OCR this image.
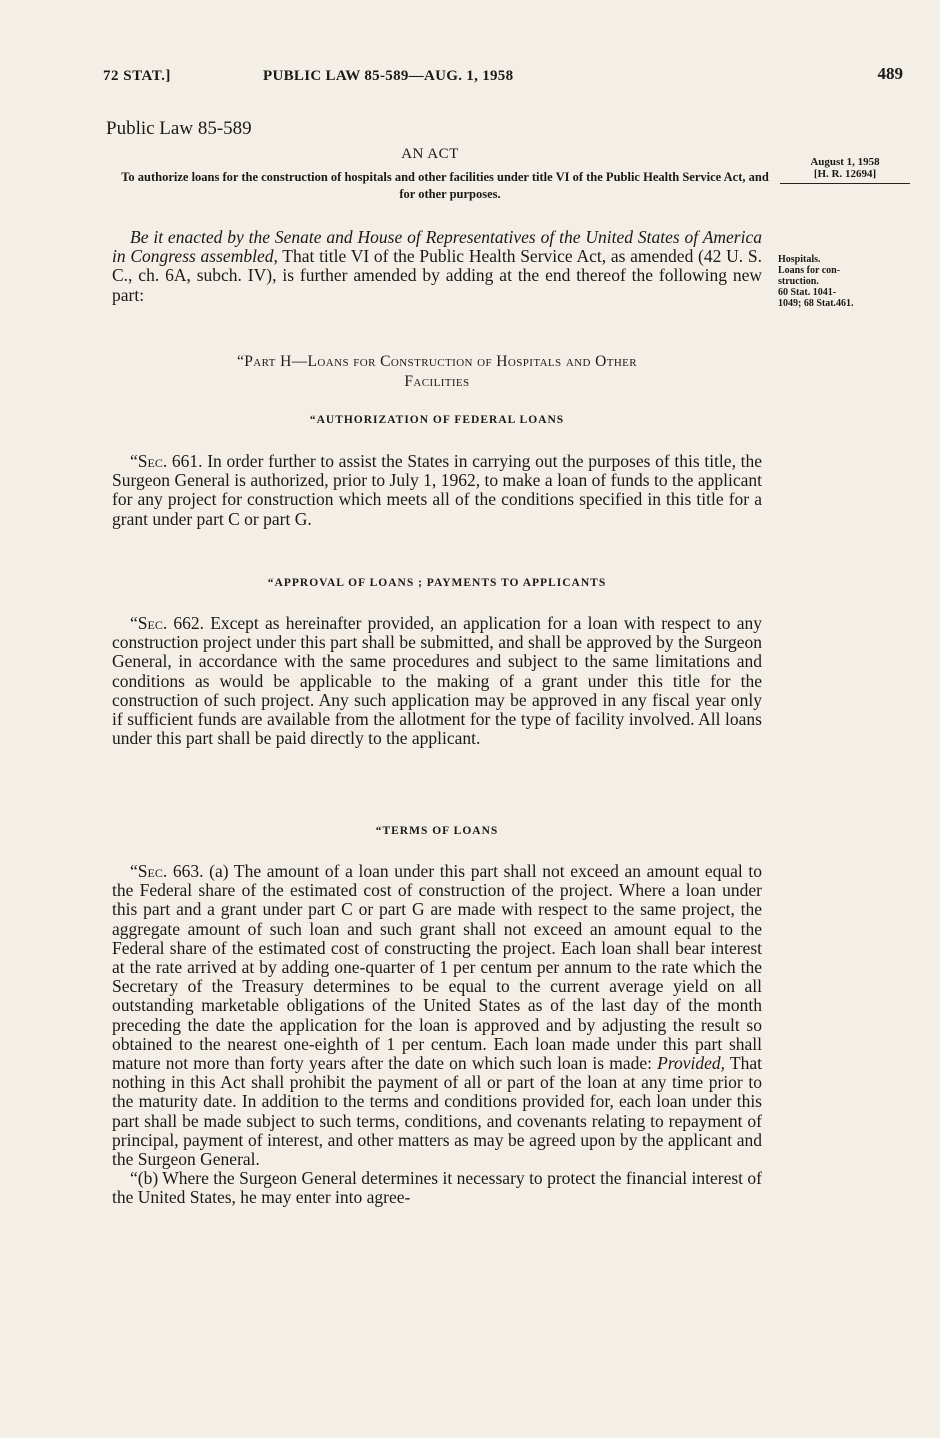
72 STAT.]	PUBLIC LAW 85-589—AUG. 1, 1958	489
Public Law 85-589
AN ACT
To authorize loans for the construction of hospitals and other facilities under title VI of the Public Health Service Act, and for other purposes.
August 1, 1958
[H. R. 12694]

Be it enacted by the Senate and House of Representatives of the United States of America in Congress assembled, That title VI of the Public Health Service Act, as amended (42 U. S. C., ch. 6A, subch. IV), is further amended by adding at the end thereof the following new part:

Hospitals.
Loans for con-
struction.
60 Stat. 1041-
1049; 68 Stat.461.
“Part H—Loans for Construction of Hospitals and Other
Facilities
“AUTHORIZATION OF FEDERAL LOANS

“Sec. 661. In order further to assist the States in carrying out the purposes of this title, the Surgeon General is authorized, prior to July 1, 1962, to make a loan of funds to the applicant for any project for construction which meets all of the conditions specified in this title for a grant under part C or part G.

“APPROVAL OF LOANS ; PAYMENTS TO APPLICANTS

“Sec. 662. Except as hereinafter provided, an application for a loan with respect to any construction project under this part shall be submitted, and shall be approved by the Surgeon General, in accordance with the same procedures and subject to the same limitations and conditions as would be applicable to the making of a grant under this title for the construction of such project. Any such application may be approved in any fiscal year only if sufficient funds are available from the allotment for the type of facility involved. All loans under this part shall be paid directly to the applicant.

“TERMS OF LOANS

“Sec. 663. (a) The amount of a loan under this part shall not exceed an amount equal to the Federal share of the estimated cost of construction of the project. Where a loan under this part and a grant under part C or part G are made with respect to the same project, the aggregate amount of such loan and such grant shall not exceed an amount equal to the Federal share of the estimated cost of constructing the project. Each loan shall bear interest at the rate arrived at by adding one-quarter of 1 per centum per annum to the rate which the Secretary of the Treasury determines to be equal to the current average yield on all outstanding marketable obligations of the United States as of the last day of the month preceding the date the application for the loan is approved and by adjusting the result so obtained to the nearest one-eighth of 1 per centum. Each loan made under this part shall mature not more than forty years after the date on which such loan is made: Provided, That nothing in this Act shall prohibit the payment of all or part of the loan at any time prior to the maturity date. In addition to the terms and conditions provided for, each loan under this part shall be made subject to such terms, conditions, and covenants relating to repayment of principal, payment of interest, and other matters as may be agreed upon by the applicant and the Surgeon General.

“(b) Where the Surgeon General determines it necessary to protect the financial interest of the United States, he may enter into agree-
